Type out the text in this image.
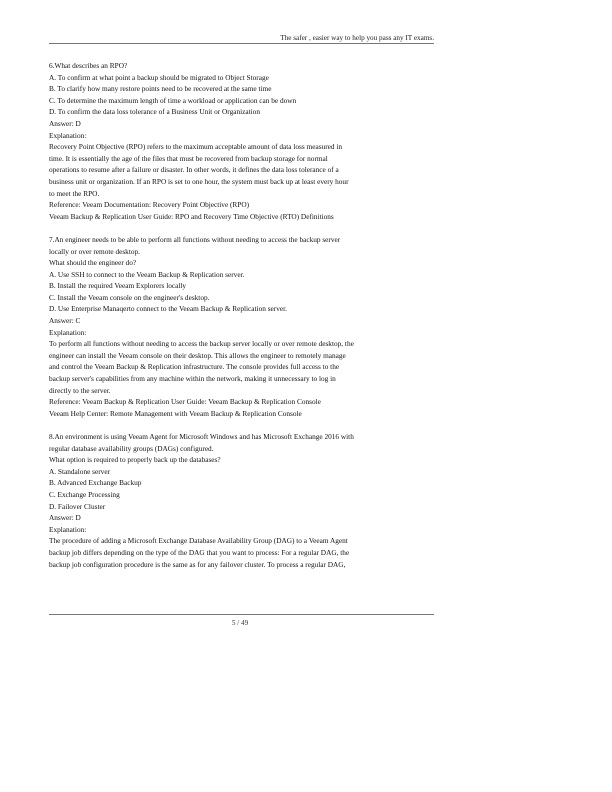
The safer , easier way to help you pass any IT exams.
6.What describes an RPO?
A. To confirm at what point a backup should be migrated to Object Storage
B. To clarify how many restore points need to be recovered at the same time
C. To determine the maximum length of time a workload or application can be down
D. To confirm the data loss tolerance of a Business Unit or Organization
Answer: D
Explanation:
Recovery Point Objective (RPO) refers to the maximum acceptable amount of data loss measured in
time. It is essentially the age of the files that must be recovered from backup storage for normal
operations to resume after a failure or disaster. In other words, it defines the data loss tolerance of a
business unit or organization. If an RPO is set to one hour, the system must back up at least every hour
to meet the RPO.
Reference: Veeam Documentation: Recovery Point Objective (RPO)
Veeam Backup & Replication User Guide: RPO and Recovery Time Objective (RTO) Definitions
7.An engineer needs to be able to perform all functions without needing to access the backup server
locally or over remote desktop.
What should the engineer do?
A. Use SSH to connect to the Veeam Backup & Replication server.
B. Install the required Veeam Explorers locally
C. Install the Veeam console on the engineer's desktop.
D. Use Enterprise Manaqerto connect to the Veeam Backup & Replication server.
Answer: C
Explanation:
To perform all functions without needing to access the backup server locally or over remote desktop, the
engineer can install the Veeam console on their desktop. This allows the engineer to remotely manage
and control the Veeam Backup & Replication infrastructure. The console provides full access to the
backup server's capabilities from any machine within the network, making it unnecessary to log in
directly to the server.
Reference: Veeam Backup & Replication User Guide: Veeam Backup & Replication Console
Veeam Help Center: Remote Management with Veeam Backup & Replication Console
8.An environment is using Veeam Agent for Microsoft Windows and has Microsoft Exchange 2016 with
regular database availability groups (DAGs) configured.
What option is required to properly back up the databases?
A. Standalone server
B. Advanced Exchange Backup
C. Exchange Processing
D. Failover Cluster
Answer: D
Explanation:
The procedure of adding a Microsoft Exchange Database Availability Group (DAG) to a Veeam Agent
backup job differs depending on the type of the DAG that you want to process: For a regular DAG, the
backup job configuration procedure is the same as for any failover cluster. To process a regular DAG,
5 / 49
